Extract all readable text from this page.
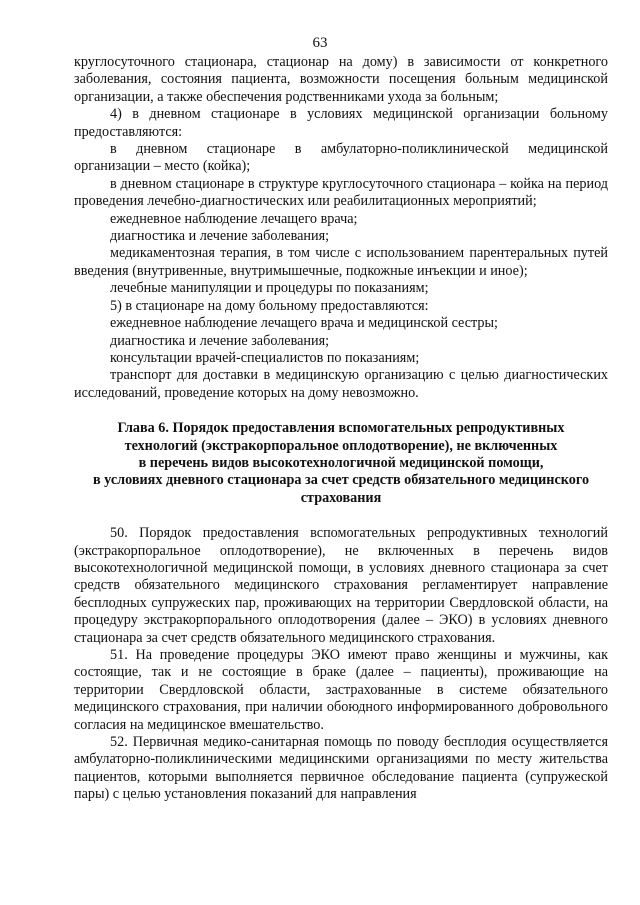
63

круглосуточного стационара, стационар на дому) в зависимости от конкретного заболевания, состояния пациента, возможности посещения больным медицинской организации, а также обеспечения родственниками ухода за больным;

4) в дневном стационаре в условиях медицинской организации больному предоставляются:

в дневном стационаре в амбулаторно-поликлинической медицинской организации – место (койка);

в дневном стационаре в структуре круглосуточного стационара – койка на период проведения лечебно-диагностических или реабилитационных мероприятий;

ежедневное наблюдение лечащего врача;

диагностика и лечение заболевания;

медикаментозная терапия, в том числе с использованием парентеральных путей введения (внутривенные, внутримышечные, подкожные инъекции и иное);

лечебные манипуляции и процедуры по показаниям;

5) в стационаре на дому больному предоставляются:

ежедневное наблюдение лечащего врача и медицинской сестры;

диагностика и лечение заболевания;

консультации врачей-специалистов по показаниям;

транспорт для доставки в медицинскую организацию с целью диагностических исследований, проведение которых на дому невозможно.

Глава 6. Порядок предоставления вспомогательных репродуктивных
технологий (экстракорпоральное оплодотворение), не включенных
в перечень видов высокотехнологичной медицинской помощи,
в условиях дневного стационара за счет средств обязательного медицинского
страхования

50. Порядок предоставления вспомогательных репродуктивных технологий (экстракорпоральное оплодотворение), не включенных в перечень видов высокотехнологичной медицинской помощи, в условиях дневного стационара за счет средств обязательного медицинского страхования регламентирует направление бесплодных супружеских пар, проживающих на территории Свердловской области, на процедуру экстракорпорального оплодотворения (далее – ЭКО) в условиях дневного стационара за счет средств обязательного медицинского страхования.

51. На проведение процедуры ЭКО имеют право женщины и мужчины, как состоящие, так и не состоящие в браке (далее – пациенты), проживающие на территории Свердловской области, застрахованные в системе обязательного медицинского страхования, при наличии обоюдного информированного добровольного согласия на медицинское вмешательство.

52. Первичная медико-санитарная помощь по поводу бесплодия осуществляется амбулаторно-поликлиническими медицинскими организациями по месту жительства пациентов, которыми выполняется первичное обследование пациента (супружеской пары) с целью установления показаний для направления
